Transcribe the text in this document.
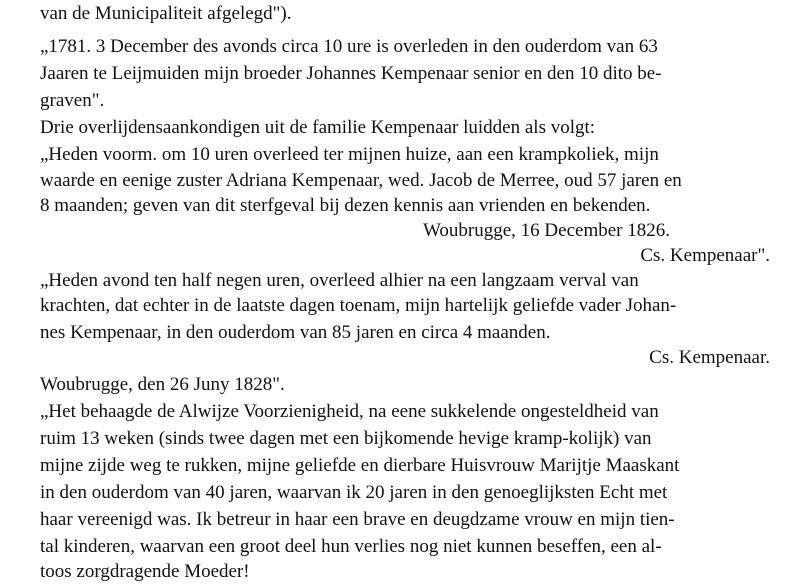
van de Municipaliteit afgelegd").
„1781. 3 December des avonds circa 10 ure is overleden in den ouderdom van 63
Jaaren te Leijmuiden mijn broeder Johannes Kempenaar senior en den 10 dito be-
graven".
Drie overlijdensaankondigen uit de familie Kempenaar luidden als volgt:
„Heden voorm. om 10 uren overleed ter mijnen huize, aan een krampkoliek, mijn
waarde en eenige zuster Adriana Kempenaar, wed. Jacob de Merree, oud 57 jaren en
8 maanden; geven van dit sterfgeval bij dezen kennis aan vrienden en bekenden.
Woubrugge, 16 December 1826.
Cs. Kempenaar".
„Heden avond ten half negen uren, overleed alhier na een langzaam verval van
krachten, dat echter in de laatste dagen toenam, mijn hartelijk geliefde vader Johan-
nes Kempenaar, in den ouderdom van 85 jaren en circa 4 maanden.
Cs. Kempenaar.
Woubrugge, den 26 Juny 1828".
„Het behaagde de Alwijze Voorzienigheid, na eene sukkelende ongesteldheid van
ruim 13 weken (sinds twee dagen met een bijkomende hevige kramp-kolijk) van
mijne zijde weg te rukken, mijne geliefde en dierbare Huisvrouw Marijtje Maaskant
in den ouderdom van 40 jaren, waarvan ik 20 jaren in den genoeglijksten Echt met
haar vereenigd was. Ik betreur in haar een brave en deugdzame vrouw en mijn tien-
tal kinderen, waarvan een groot deel hun verlies nog niet kunnen beseffen, een al-
toos zorgdragende Moeder!
